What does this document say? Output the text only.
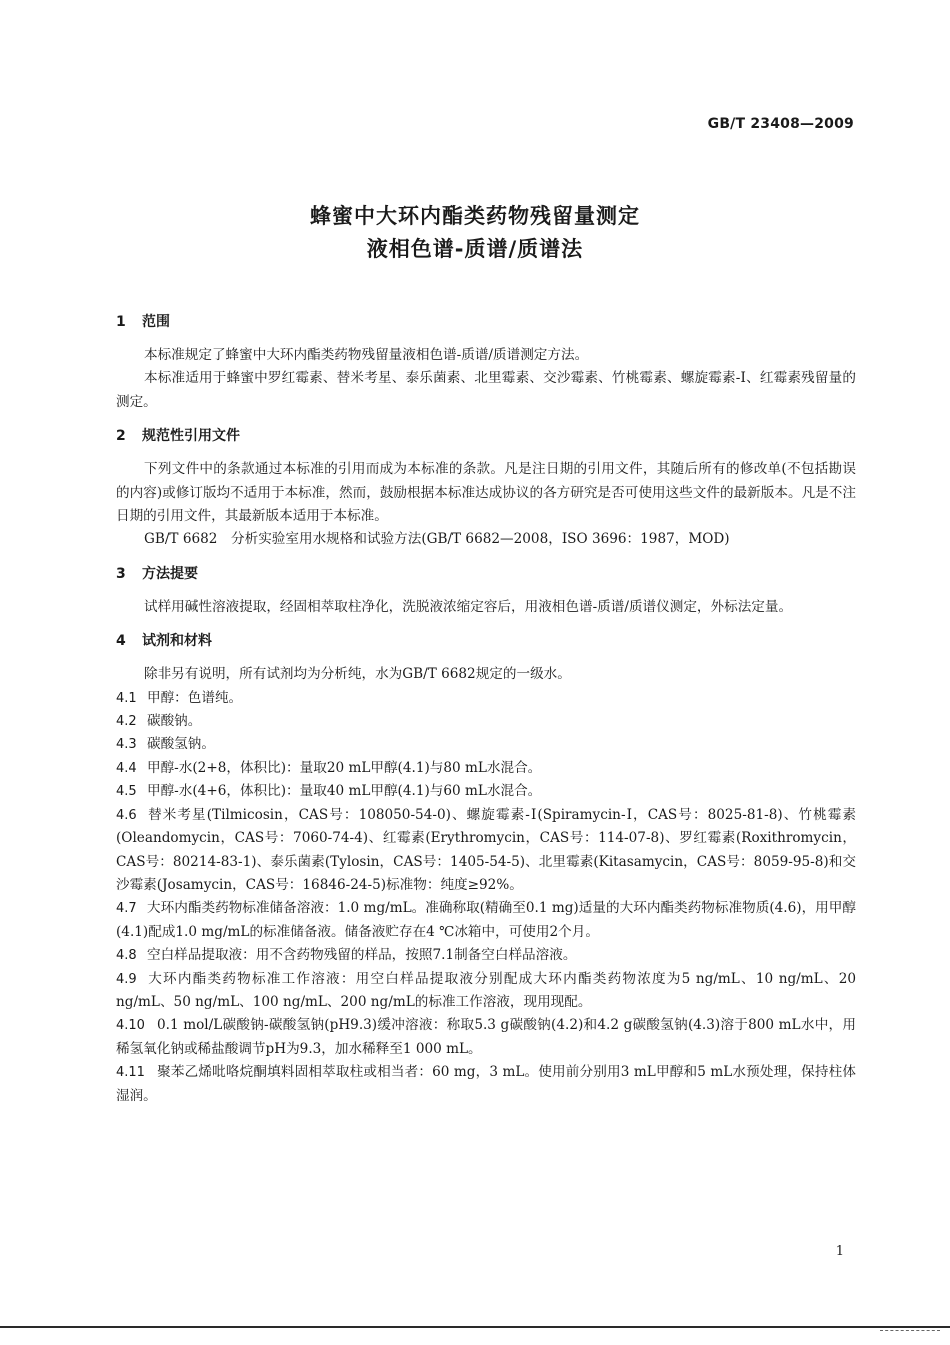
GB/T 23408—2009
蜂蜜中大环内酯类药物残留量测定
液相色谱-质谱/质谱法
1 范围
本标准规定了蜂蜜中大环内酯类药物残留量液相色谱-质谱/质谱测定方法。
本标准适用于蜂蜜中罗红霉素、替米考星、泰乐菌素、北里霉素、交沙霉素、竹桃霉素、螺旋霉素-Ⅰ、红霉素残留量的测定。
2 规范性引用文件
下列文件中的条款通过本标准的引用而成为本标准的条款。凡是注日期的引用文件，其随后所有的修改单(不包括勘误的内容)或修订版均不适用于本标准，然而，鼓励根据本标准达成协议的各方研究是否可使用这些文件的最新版本。凡是不注日期的引用文件，其最新版本适用于本标准。
GB/T 6682　分析实验室用水规格和试验方法(GB/T 6682—2008，ISO 3696：1987，MOD)
3 方法提要
试样用碱性溶液提取，经固相萃取柱净化，洗脱液浓缩定容后，用液相色谱-质谱/质谱仪测定，外标法定量。
4 试剂和材料
除非另有说明，所有试剂均为分析纯，水为GB/T 6682规定的一级水。
4.1 甲醇：色谱纯。
4.2 碳酸钠。
4.3 碳酸氢钠。
4.4 甲醇-水(2+8，体积比)：量取20 mL甲醇(4.1)与80 mL水混合。
4.5 甲醇-水(4+6，体积比)：量取40 mL甲醇(4.1)与60 mL水混合。
4.6 替米考星(Tilmicosin，CAS号：108050-54-0)、螺旋霉素-Ⅰ(Spiramycin-Ⅰ，CAS号：8025-81-8)、竹桃霉素(Oleandomycin，CAS号：7060-74-4)、红霉素(Erythromycin，CAS号：114-07-8)、罗红霉素(Roxithromycin，CAS号：80214-83-1)、泰乐菌素(Tylosin，CAS号：1405-54-5)、北里霉素(Kitasamycin，CAS号：8059-95-8)和交沙霉素(Josamycin，CAS号：16846-24-5)标准物：纯度≥92%。
4.7 大环内酯类药物标准储备溶液：1.0 mg/mL。准确称取(精确至0.1 mg)适量的大环内酯类药物标准物质(4.6)，用甲醇(4.1)配成1.0 mg/mL的标准储备液。储备液贮存在4 ℃冰箱中，可使用2个月。
4.8 空白样品提取液：用不含药物残留的样品，按照7.1制备空白样品溶液。
4.9 大环内酯类药物标准工作溶液：用空白样品提取液分别配成大环内酯类药物浓度为5 ng/mL、10 ng/mL、20 ng/mL、50 ng/mL、100 ng/mL、200 ng/mL的标准工作溶液，现用现配。
4.10 0.1 mol/L碳酸钠-碳酸氢钠(pH9.3)缓冲溶液：称取5.3 g碳酸钠(4.2)和4.2 g碳酸氢钠(4.3)溶于800 mL水中，用稀氢氧化钠或稀盐酸调节pH为9.3，加水稀释至1 000 mL。
4.11 聚苯乙烯吡咯烷酮填料固相萃取柱或相当者：60 mg，3 mL。使用前分别用3 mL甲醇和5 mL水预处理，保持柱体湿润。
1
